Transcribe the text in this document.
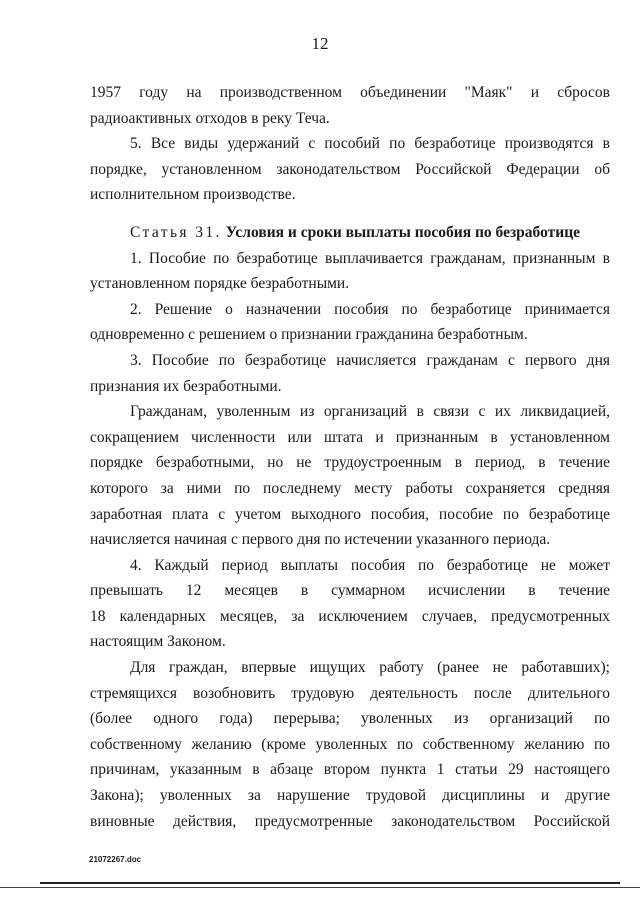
12
1957 году на производственном объединении "Маяк" и сбросов
радиоактивных отходов в реку Теча.
5. Все виды удержаний с пособий по безработице производятся в
порядке, установленном законодательством Российской Федерации об
исполнительном производстве.
Статья 31. Условия и сроки выплаты пособия по безработице
1. Пособие по безработице выплачивается гражданам, признанным в
установленном порядке безработными.
2. Решение о назначении пособия по безработице принимается
одновременно с решением о признании гражданина безработным.
3. Пособие по безработице начисляется гражданам с первого дня
признания их безработными.
Гражданам, уволенным из организаций в связи с их ликвидацией,
сокращением численности или штата и признанным в установленном
порядке безработными, но не трудоустроенным в период, в течение
которого за ними по последнему месту работы сохраняется средняя
заработная плата с учетом выходного пособия, пособие по безработице
начисляется начиная с первого дня по истечении указанного периода.
4. Каждый период выплаты пособия по безработице не может
превышать 12 месяцев в суммарном исчислении в течение
18 календарных месяцев, за исключением случаев, предусмотренных
настоящим Законом.
Для граждан, впервые ищущих работу (ранее не работавших);
стремящихся возобновить трудовую деятельность после длительного
(более одного года) перерыва; уволенных из организаций по
собственному желанию (кроме уволенных по собственному желанию по
причинам, указанным в абзаце втором пункта 1 статьи 29 настоящего
Закона); уволенных за нарушение трудовой дисциплины и другие
виновные действия, предусмотренные законодательством Российской
21072267.doc
